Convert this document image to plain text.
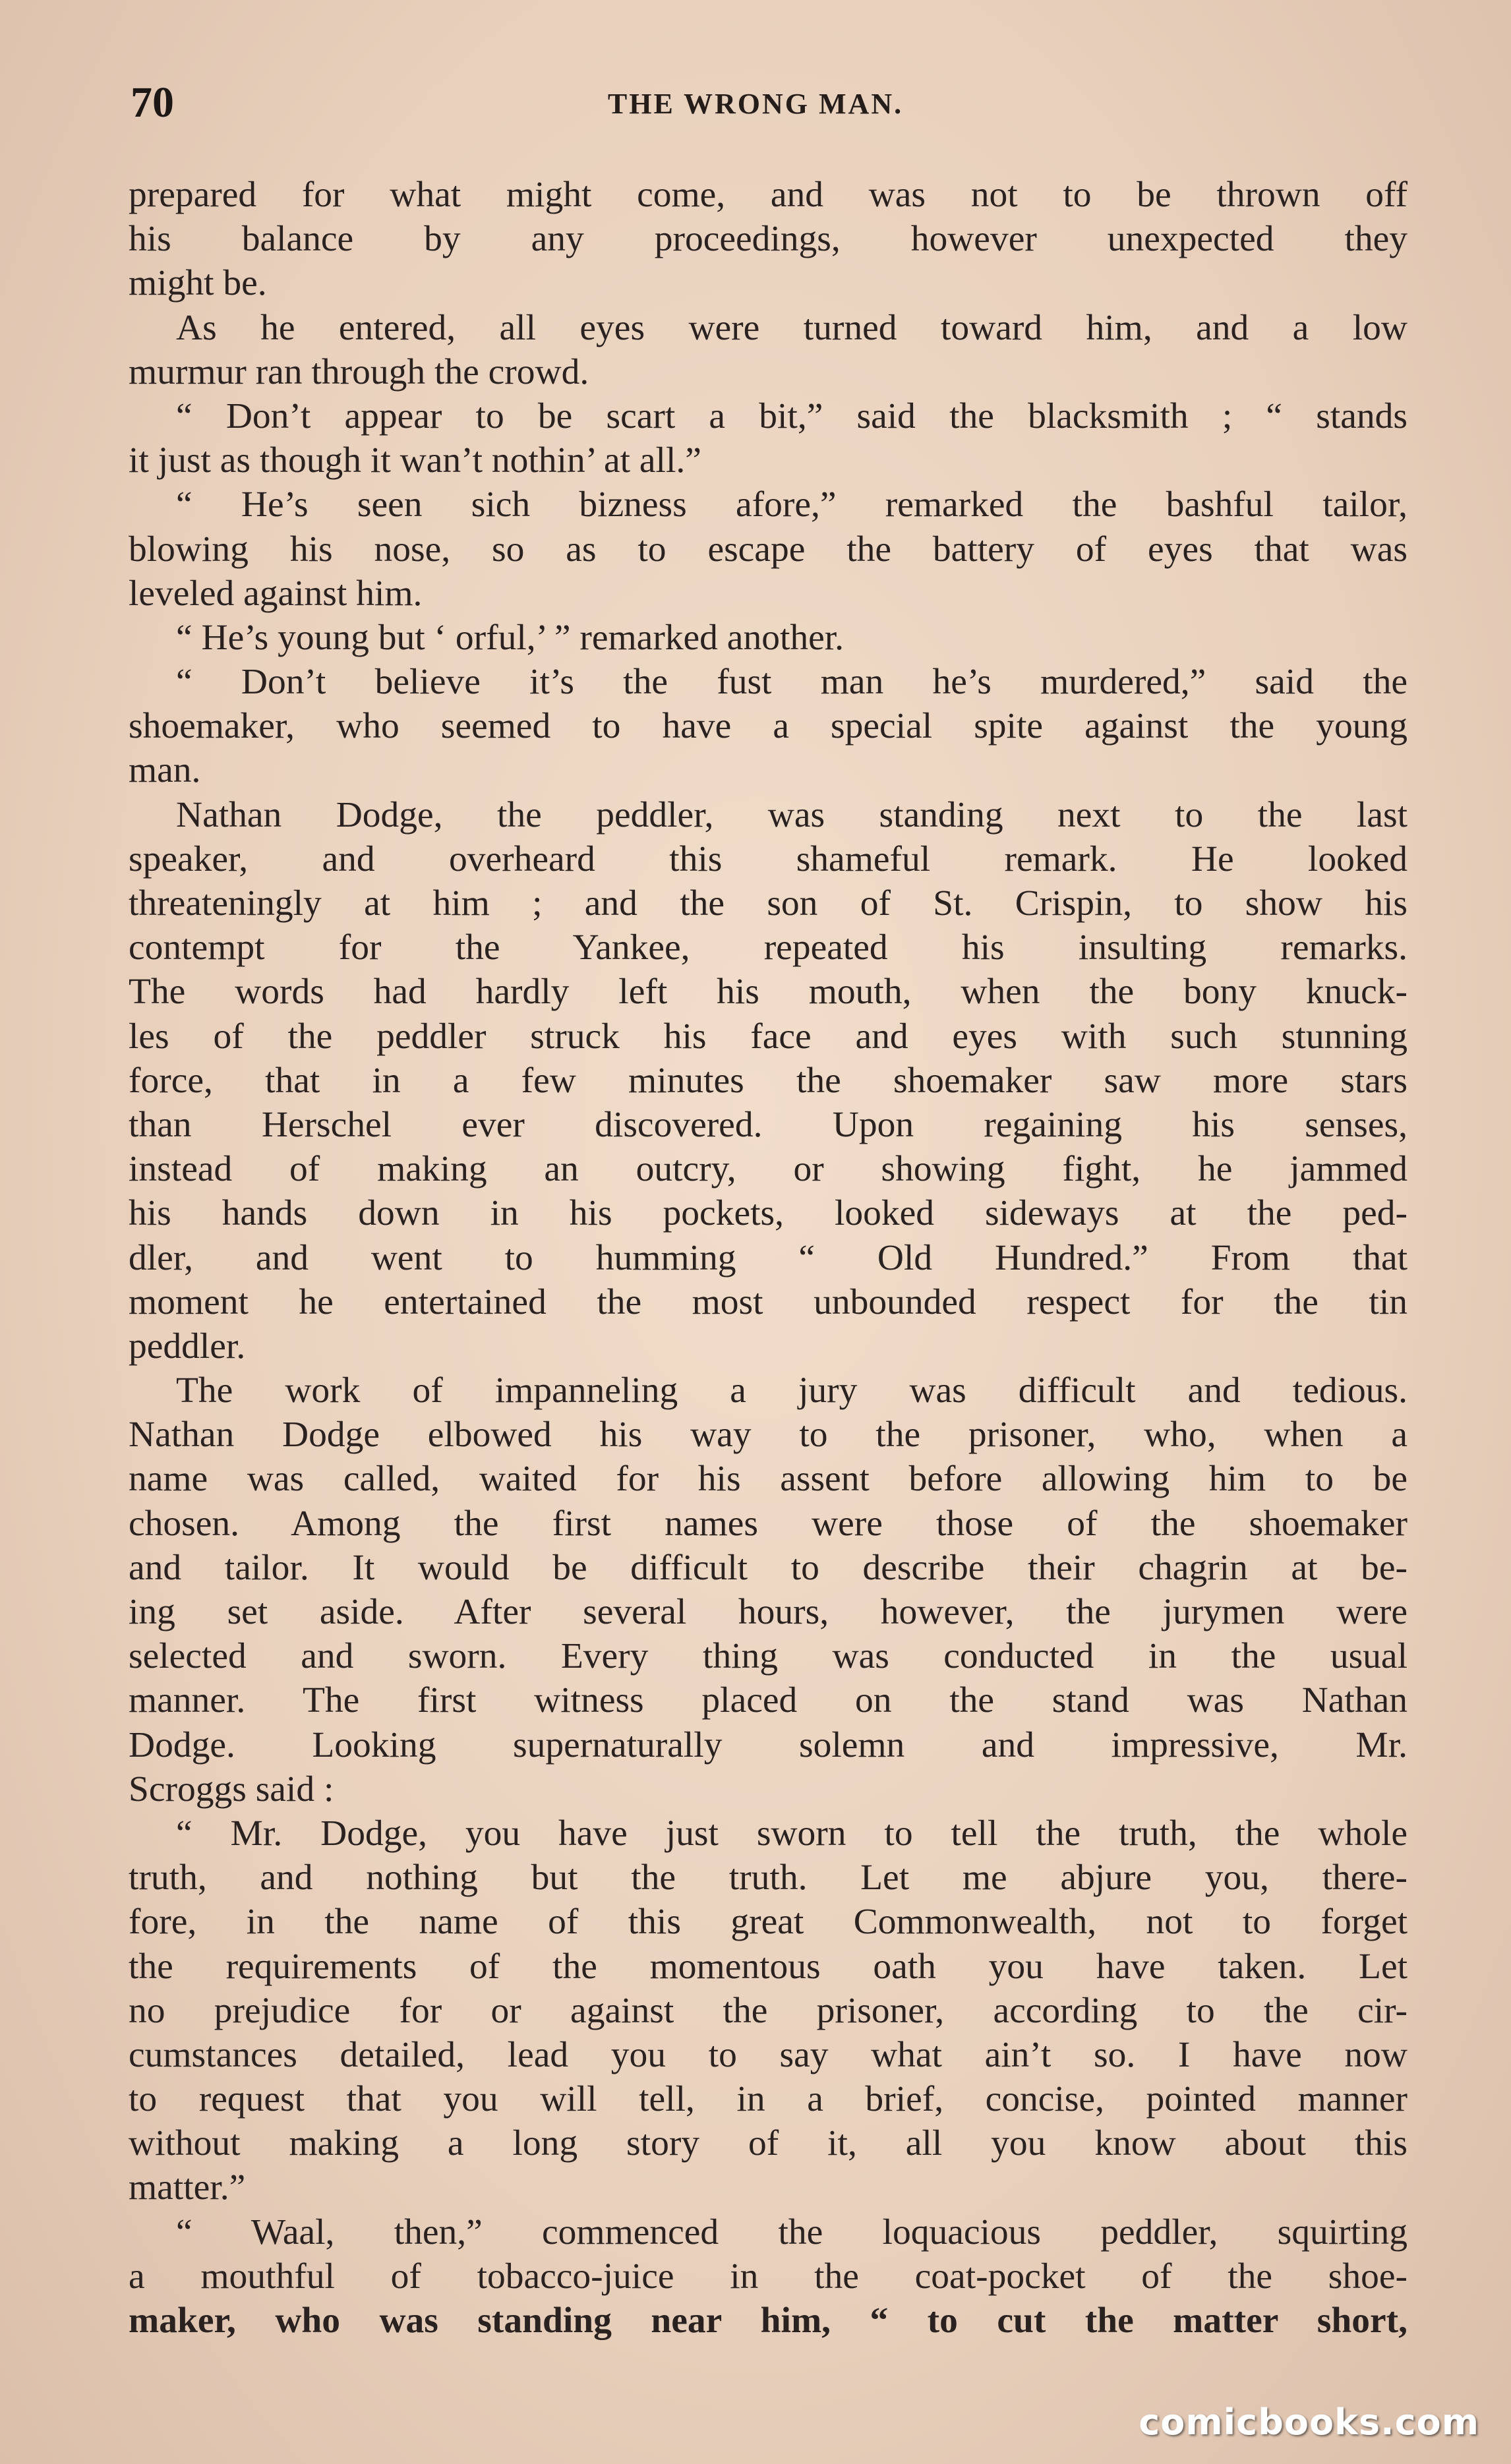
70	THE WRONG MAN.
prepared for what might come, and was not to be thrown off
his balance by any proceedings, however unexpected they
might be.
As he entered, all eyes were turned toward him, and a low
murmur ran through the crowd.
“ Don’t appear to be scart a bit,” said the blacksmith ; “ stands
it just as though it wan’t nothin’ at all.”
“ He’s seen sich bizness afore,” remarked the bashful tailor,
blowing his nose, so as to escape the battery of eyes that was
leveled against him.
“ He’s young but ‘ orful,’ ” remarked another.
“ Don’t believe it’s the fust man he’s murdered,” said the
shoemaker, who seemed to have a special spite against the young
man.
Nathan Dodge, the peddler, was standing next to the last
speaker, and overheard this shameful remark. He looked
threateningly at him ; and the son of St. Crispin, to show his
contempt for the Yankee, repeated his insulting remarks.
The words had hardly left his mouth, when the bony knuck-
les of the peddler struck his face and eyes with such stunning
force, that in a few minutes the shoemaker saw more stars
than Herschel ever discovered. Upon regaining his senses,
instead of making an outcry, or showing fight, he jammed
his hands down in his pockets, looked sideways at the ped-
dler, and went to humming “ Old Hundred.” From that
moment he entertained the most unbounded respect for the tin
peddler.
The work of impanneling a jury was difficult and tedious.
Nathan Dodge elbowed his way to the prisoner, who, when a
name was called, waited for his assent before allowing him to be
chosen. Among the first names were those of the shoemaker
and tailor. It would be difficult to describe their chagrin at be-
ing set aside. After several hours, however, the jurymen were
selected and sworn. Every thing was conducted in the usual
manner. The first witness placed on the stand was Nathan
Dodge. Looking supernaturally solemn and impressive, Mr.
Scroggs said :
“ Mr. Dodge, you have just sworn to tell the truth, the whole
truth, and nothing but the truth. Let me abjure you, there-
fore, in the name of this great Commonwealth, not to forget
the requirements of the momentous oath you have taken. Let
no prejudice for or against the prisoner, according to the cir-
cumstances detailed, lead you to say what ain’t so. I have now
to request that you will tell, in a brief, concise, pointed manner
without making a long story of it, all you know about this
matter.”
“ Waal, then,” commenced the loquacious peddler, squirting
a mouthful of tobacco-juice in the coat-pocket of the shoe-
maker, who was standing near him, “ to cut the matter short,
comicbooks.com
